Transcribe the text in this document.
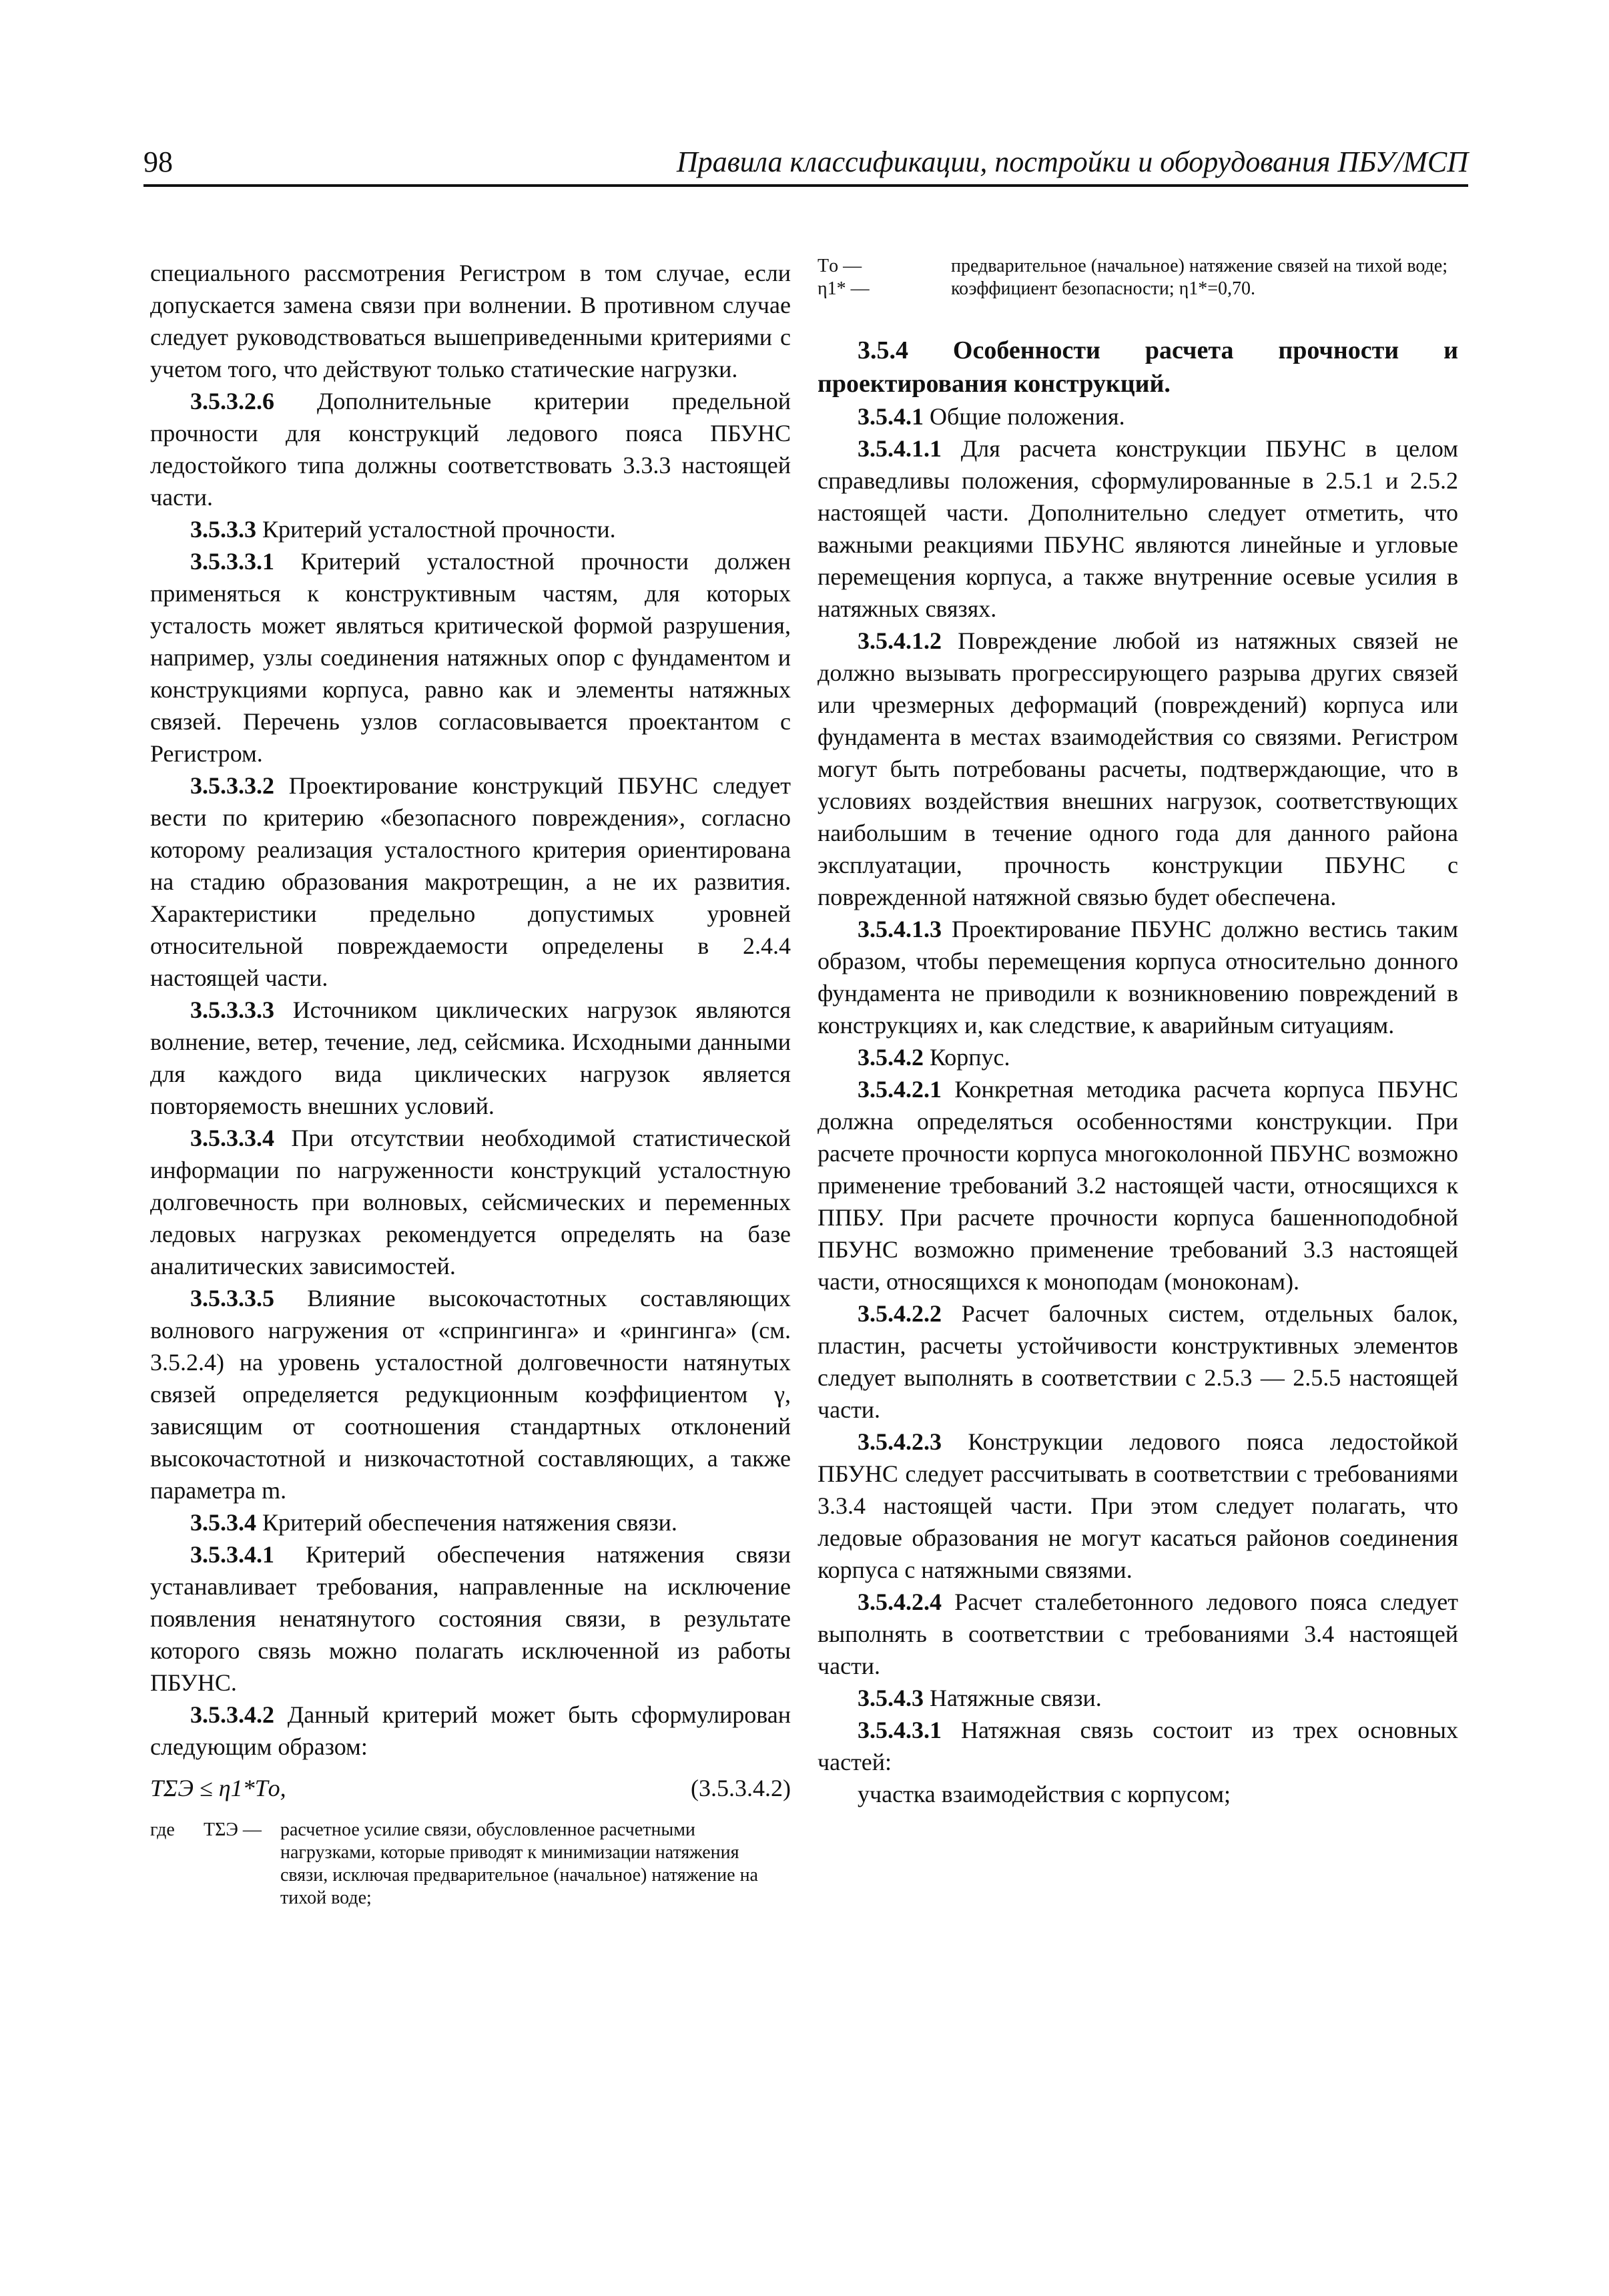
98	Правила классификации, постройки и оборудования ПБУ/МСП

специального рассмотрения Регистром в том случае, если допускается замена связи при волнении. В противном случае следует руководствоваться вышеприведенными критериями с учетом того, что действуют только статические нагрузки.

3.5.3.2.6 Дополнительные критерии предельной прочности для конструкций ледового пояса ПБУНС ледостойкого типа должны соответствовать 3.3.3 настоящей части.

3.5.3.3 Критерий усталостной прочности.

3.5.3.3.1 Критерий усталостной прочности должен применяться к конструктивным частям, для которых усталость может являться критической формой разрушения, например, узлы соединения натяжных опор с фундаментом и конструкциями корпуса, равно как и элементы натяжных связей. Перечень узлов согласовывается проектантом с Регистром.

3.5.3.3.2 Проектирование конструкций ПБУНС следует вести по критерию «безопасного повреждения», согласно которому реализация усталостного критерия ориентирована на стадию образования макротрещин, а не их развития. Характеристики предельно допустимых уровней относительной повреждаемости определены в 2.4.4 настоящей части.

3.5.3.3.3 Источником циклических нагрузок являются волнение, ветер, течение, лед, сейсмика. Исходными данными для каждого вида циклических нагрузок является повторяемость внешних условий.

3.5.3.3.4 При отсутствии необходимой статистической информации по нагруженности конструкций усталостную долговечность при волновых, сейсмических и переменных ледовых нагрузках рекомендуется определять на базе аналитических зависимостей.

3.5.3.3.5 Влияние высокочастотных составляющих волнового нагружения от «спрингинга» и «рингинга» (см. 3.5.2.4) на уровень усталостной долговечности натянутых связей определяется редукционным коэффициентом γ, зависящим от соотношения стандартных отклонений высокочастотной и низкочастотной составляющих, а также параметра m.

3.5.3.4 Критерий обеспечения натяжения связи.

3.5.3.4.1 Критерий обеспечения натяжения связи устанавливает требования, направленные на исключение появления ненатянутого состояния связи, в результате которого связь можно полагать исключенной из работы ПБУНС.

3.5.3.4.2 Данный критерий может быть сформулирован следующим образом:

TΣЭ ≤ η1*Tо,	(3.5.3.4.2)
где TΣЭ — расчетное усилие связи, обусловленное расчетными нагрузками, которые приводят к минимизации натяжения связи, исключая предварительное (начальное) натяжение на тихой воде;

Tо —	предварительное (начальное) натяжение связей на тихой воде;

η1* —	коэффициент безопасности; η1*=0,70.

3.5.4 Особенности расчета прочности и проектирования конструкций.

3.5.4.1 Общие положения.

3.5.4.1.1 Для расчета конструкции ПБУНС в целом справедливы положения, сформулированные в 2.5.1 и 2.5.2 настоящей части. Дополнительно следует отметить, что важными реакциями ПБУНС являются линейные и угловые перемещения корпуса, а также внутренние осевые усилия в натяжных связях.

3.5.4.1.2 Повреждение любой из натяжных связей не должно вызывать прогрессирующего разрыва других связей или чрезмерных деформаций (повреждений) корпуса или фундамента в местах взаимодействия со связями. Регистром могут быть потребованы расчеты, подтверждающие, что в условиях воздействия внешних нагрузок, соответствующих наибольшим в течение одного года для данного района эксплуатации, прочность конструкции ПБУНС с поврежденной натяжной связью будет обеспечена.

3.5.4.1.3 Проектирование ПБУНС должно вестись таким образом, чтобы перемещения корпуса относительно донного фундамента не приводили к возникновению повреждений в конструкциях и, как следствие, к аварийным ситуациям.

3.5.4.2 Корпус.

3.5.4.2.1 Конкретная методика расчета корпуса ПБУНС должна определяться особенностями конструкции. При расчете прочности корпуса многоколонной ПБУНС возможно применение требований 3.2 настоящей части, относящихся к ППБУ. При расчете прочности корпуса башенноподобной ПБУНС возможно применение требований 3.3 настоящей части, относящихся к моноподам (моноконам).

3.5.4.2.2 Расчет балочных систем, отдельных балок, пластин, расчеты устойчивости конструктивных элементов следует выполнять в соответствии с 2.5.3 — 2.5.5 настоящей части.

3.5.4.2.3 Конструкции ледового пояса ледостойкой ПБУНС следует рассчитывать в соответствии с требованиями 3.3.4 настоящей части. При этом следует полагать, что ледовые образования не могут касаться районов соединения корпуса с натяжными связями.

3.5.4.2.4 Расчет сталебетонного ледового пояса следует выполнять в соответствии с требованиями 3.4 настоящей части.

3.5.4.3 Натяжные связи.

3.5.4.3.1 Натяжная связь состоит из трех основных частей:

участка взаимодействия с корпусом;
